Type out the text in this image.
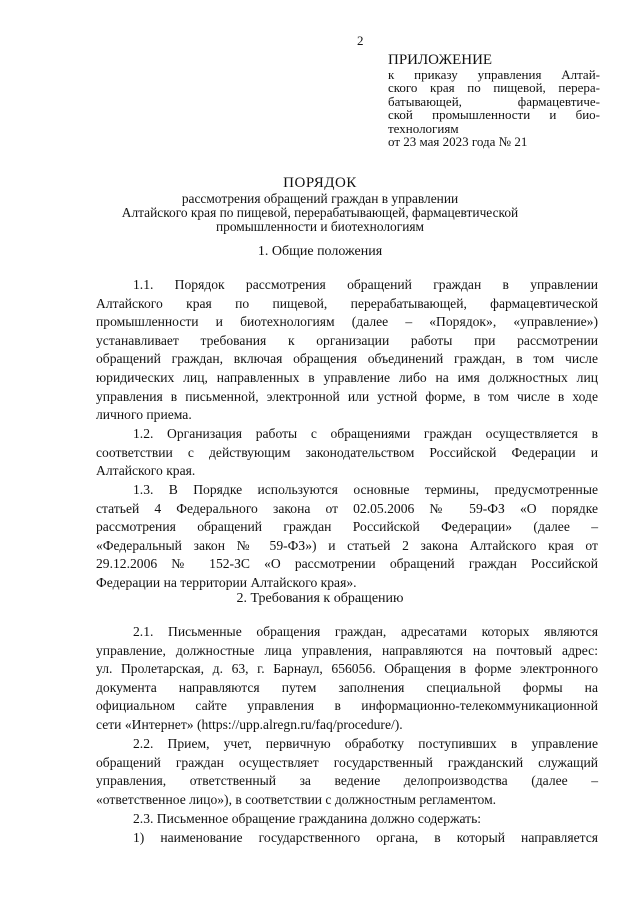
2
ПРИЛОЖЕНИЕ
к приказу управления Алтай-
ского края по пищевой, перера-
батывающей, фармацевтиче-
ской промышленности и био-
технологиям
от 23 мая 2023 года № 21
ПОРЯДОК
рассмотрения обращений граждан в управлении
Алтайского края по пищевой, перерабатывающей, фармацевтической
промышленности и биотехнологиям
1. Общие положения
1.1. Порядок рассмотрения обращений граждан в управлении
Алтайского края по пищевой, перерабатывающей, фармацевтической
промышленности и биотехнологиям (далее – «Порядок», «управление»)
устанавливает требования к организации работы при рассмотрении
обращений граждан, включая обращения объединений граждан, в том числе
юридических лиц, направленных в управление либо на имя должностных лиц
управления в письменной, электронной или устной форме, в том числе в ходе
личного приема.
1.2. Организация работы с обращениями граждан осуществляется в
соответствии с действующим законодательством Российской Федерации и
Алтайского края.
1.3. В Порядке используются основные термины, предусмотренные
статьей 4 Федерального закона от 02.05.2006 № 59-ФЗ «О порядке
рассмотрения обращений граждан Российской Федерации» (далее –
«Федеральный закон № 59-ФЗ») и статьей 2 закона Алтайского края от
29.12.2006 № 152-ЗС «О рассмотрении обращений граждан Российской
Федерации на территории Алтайского края».
2. Требования к обращению
2.1. Письменные обращения граждан, адресатами которых являются
управление, должностные лица управления, направляются на почтовый адрес:
ул. Пролетарская, д. 63, г. Барнаул, 656056. Обращения в форме электронного
документа направляются путем заполнения специальной формы на
официальном сайте управления в информационно-телекоммуникационной
сети «Интернет» (https://upp.alregn.ru/faq/procedure/).
2.2. Прием, учет, первичную обработку поступивших в управление
обращений граждан осуществляет государственный гражданский служащий
управления, ответственный за ведение делопроизводства (далее –
«ответственное лицо»), в соответствии с должностным регламентом.
2.3. Письменное обращение гражданина должно содержать:
1) наименование государственного органа, в который направляется
